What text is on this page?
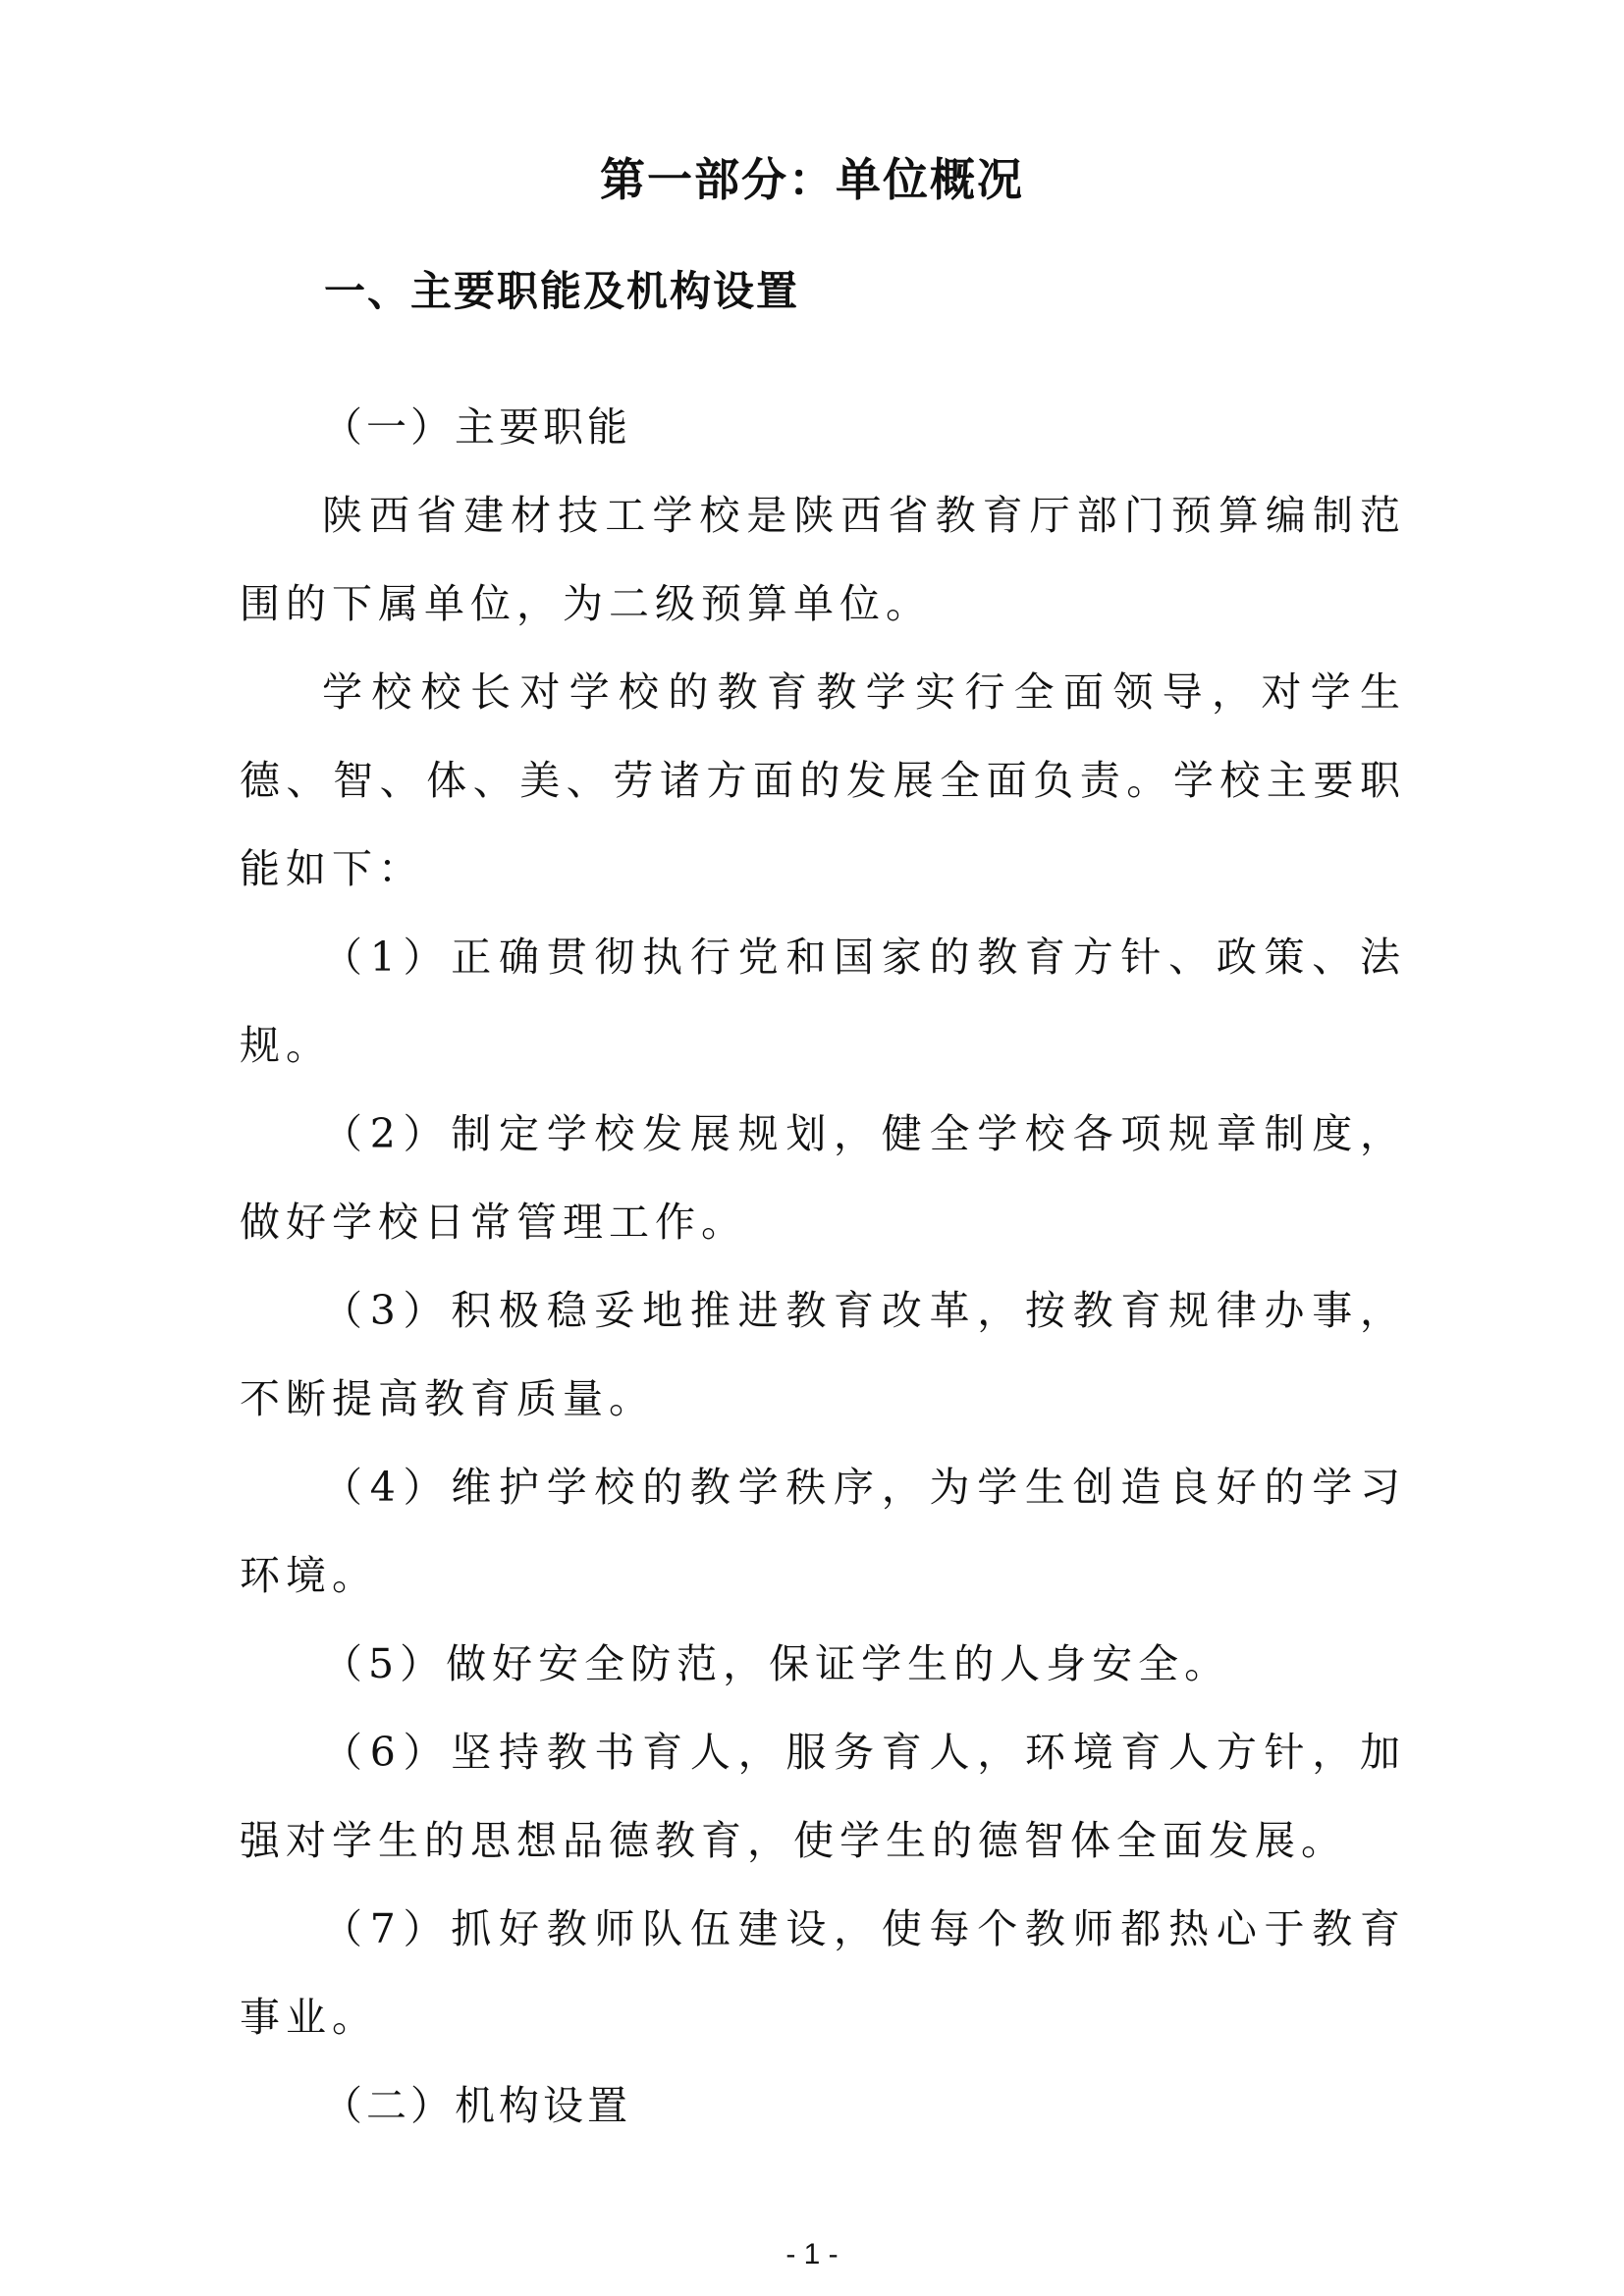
第一部分：单位概况
一、主要职能及机构设置

（一）主要职能

陕西省建材技工学校是陕西省教育厅部门预算编制范围的下属单位，为二级预算单位。

学校校长对学校的教育教学实行全面领导，对学生德、智、体、美、劳诸方面的发展全面负责。学校主要职能如下：

（1）正确贯彻执行党和国家的教育方针、政策、法规。

（2）制定学校发展规划，健全学校各项规章制度，做好学校日常管理工作。

（3）积极稳妥地推进教育改革，按教育规律办事，不断提高教育质量。

（4）维护学校的教学秩序，为学生创造良好的学习环境。

（5）做好安全防范，保证学生的人身安全。

（6）坚持教书育人，服务育人，环境育人方针，加强对学生的思想品德教育，使学生的德智体全面发展。

（7）抓好教师队伍建设，使每个教师都热心于教育事业。

（二）机构设置

- 1 -
